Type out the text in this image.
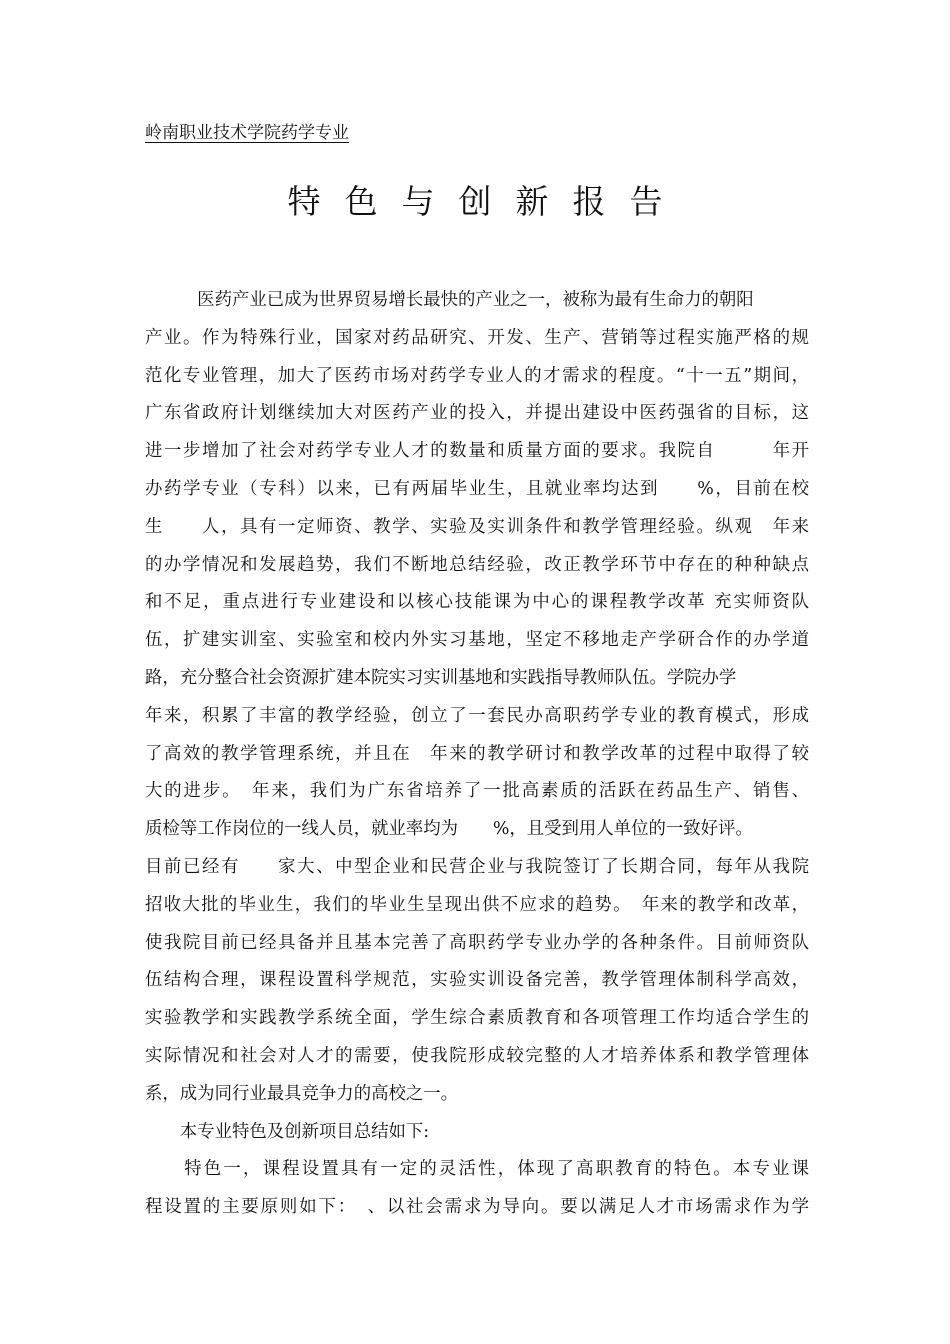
岭南职业技术学院药学专业
特色与创新报告
　　　医药产业已成为世界贸易增长最快的产业之一，被称为最有生命力的朝阳
产业。作为特殊行业，国家对药品研究、开发、生产、营销等过程实施严格的规
范化专业管理，加大了医药市场对药学专业人的才需求的程度。“十一五”期间，
广东省政府计划继续加大对医药产业的投入，并提出建设中医药强省的目标，这
进一步增加了社会对药学专业人才的数量和质量方面的要求。我院自　　　年开
办药学专业（专科）以来，已有两届毕业生，且就业率均达到　　%，目前在校
生　　人，具有一定师资、教学、实验及实训条件和教学管理经验。纵观　年来
的办学情况和发展趋势，我们不断地总结经验，改正教学环节中存在的种种缺点
和不足，重点进行专业建设和以核心技能课为中心的课程教学改革 充实师资队
伍，扩建实训室、实验室和校内外实习基地，坚定不移地走产学研合作的办学道
路，充分整合社会资源扩建本院实习实训基地和实践指导教师队伍。学院办学
年来，积累了丰富的教学经验，创立了一套民办高职药学专业的教育模式，形成
了高效的教学管理系统，并且在　年来的教学研讨和教学改革的过程中取得了较
大的进步。　年来，我们为广东省培养了一批高素质的活跃在药品生产、销售、
质检等工作岗位的一线人员，就业率均为　　%，且受到用人单位的一致好评。
目前已经有　　家大、中型企业和民营企业与我院签订了长期合同，每年从我院
招收大批的毕业生，我们的毕业生呈现出供不应求的趋势。　年来的教学和改革，
使我院目前已经具备并且基本完善了高职药学专业办学的各种条件。目前师资队
伍结构合理，课程设置科学规范，实验实训设备完善，教学管理体制科学高效，
实验教学和实践教学系统全面，学生综合素质教育和各项管理工作均适合学生的
实际情况和社会对人才的需要，使我院形成较完整的人才培养体系和教学管理体
系，成为同行业最具竞争力的高校之一。
　　本专业特色及创新项目总结如下:
　　特色一，课程设置具有一定的灵活性，体现了高职教育的特色。本专业课
程设置的主要原则如下：　、以社会需求为导向。要以满足人才市场需求作为学
